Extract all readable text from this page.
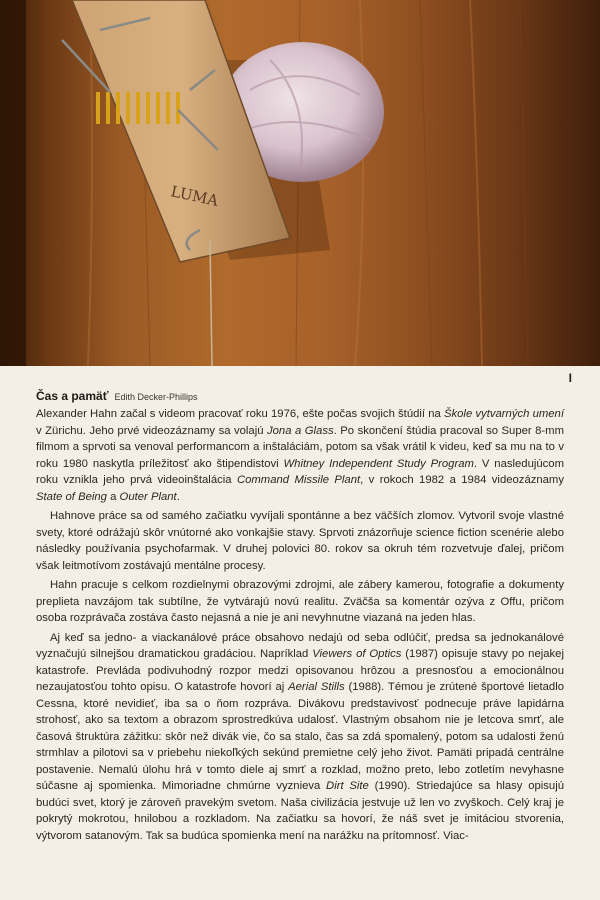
LUMA
I
Čas a pamäť Edith Decker-Phillips

Alexander Hahn začal s videom pracovať roku 1976, ešte počas svojich štúdií na Škole vytvarných umení v Zürichu. Jeho prvé videozáznamy sa volajú Jona a Glass. Po skončení štúdia pracoval so Super 8-mm filmom a sprvoti sa venoval performancom a inštaláciám, potom sa však vrátil k videu, keď sa mu na to v roku 1980 naskytla príležitosť ako štipendistovi Whitney Independent Study Program. V nasledujúcom roku vznikla jeho prvá videoinštalácia Command Missile Plant, v rokoch 1982 a 1984 videozáznamy State of Being a Outer Plant.

Hahnove práce sa od samého začiatku vyvíjali spontánne a bez väčších zlomov. Vytvoril svoje vlastné svety, ktoré odrážajú skôr vnútorné ako vonkajšie stavy. Sprvoti znázorňuje science fiction scenérie alebo následky používania psychofarmak. V druhej polovici 80. rokov sa okruh tém rozvetvuje ďalej, pričom však leitmotívom zostávajú mentálne procesy.

Hahn pracuje s celkom rozdielnymi obrazovými zdrojmi, ale zábery kamerou, fotografie a dokumenty preplieta navzájom tak subtílne, že vytvárajú novú realitu. Zväčša sa komentár ozýva z Offu, pričom osoba rozprávača zostáva často nejasná a nie je ani nevyhnutne viazaná na jeden hlas.

Aj keď sa jedno- a viackanálové práce obsahovo nedajú od seba odlúčiť, predsa sa jednokanálové vyznačujú silnejšou dramatickou gradáciou. Napríklad Viewers of Optics (1987) opisuje stavy po nejakej katastrofe. Prevláda podivuhodný rozpor medzi opisovanou hrôzou a presnosťou a emocionálnou nezaujatosťou tohto opisu. O katastrofe hovorí aj Aerial Stills (1988). Témou je zrútené športové lietadlo Cessna, ktoré nevidieť, iba sa o ňom rozpráva. Divákovu predstavivosť podnecuje práve lapidárna strohosť, ako sa textom a obrazom sprostredkúva udalosť. Vlastným obsahom nie je letcova smrť, ale časová štruktúra zážitku: skôr než divák vie, čo sa stalo, čas sa zdá spomalený, potom sa udalosti ženú strmhlav a pilotovi sa v priebehu niekoľkých sekúnd premietne celý jeho život. Pamäti pripadá centrálne postavenie. Nemalú úlohu hrá v tomto diele aj smrť a rozklad, možno preto, lebo zotletím nevyhasne súčasne aj spomienka. Mimoriadne chmúrne vyznieva Dirt Site (1990). Striedajúce sa hlasy opisujú budúci svet, ktorý je zároveň pravekým svetom. Naša civilizácia jestvuje už len vo zvyškoch. Celý kraj je pokrytý mokrotou, hnilobou a rozkladom. Na začiatku sa hovorí, že náš svet je imitáciou stvorenia, výtvorom satanovým. Tak sa budúca spomienka mení na narážku na prítomnosť. Viac-
